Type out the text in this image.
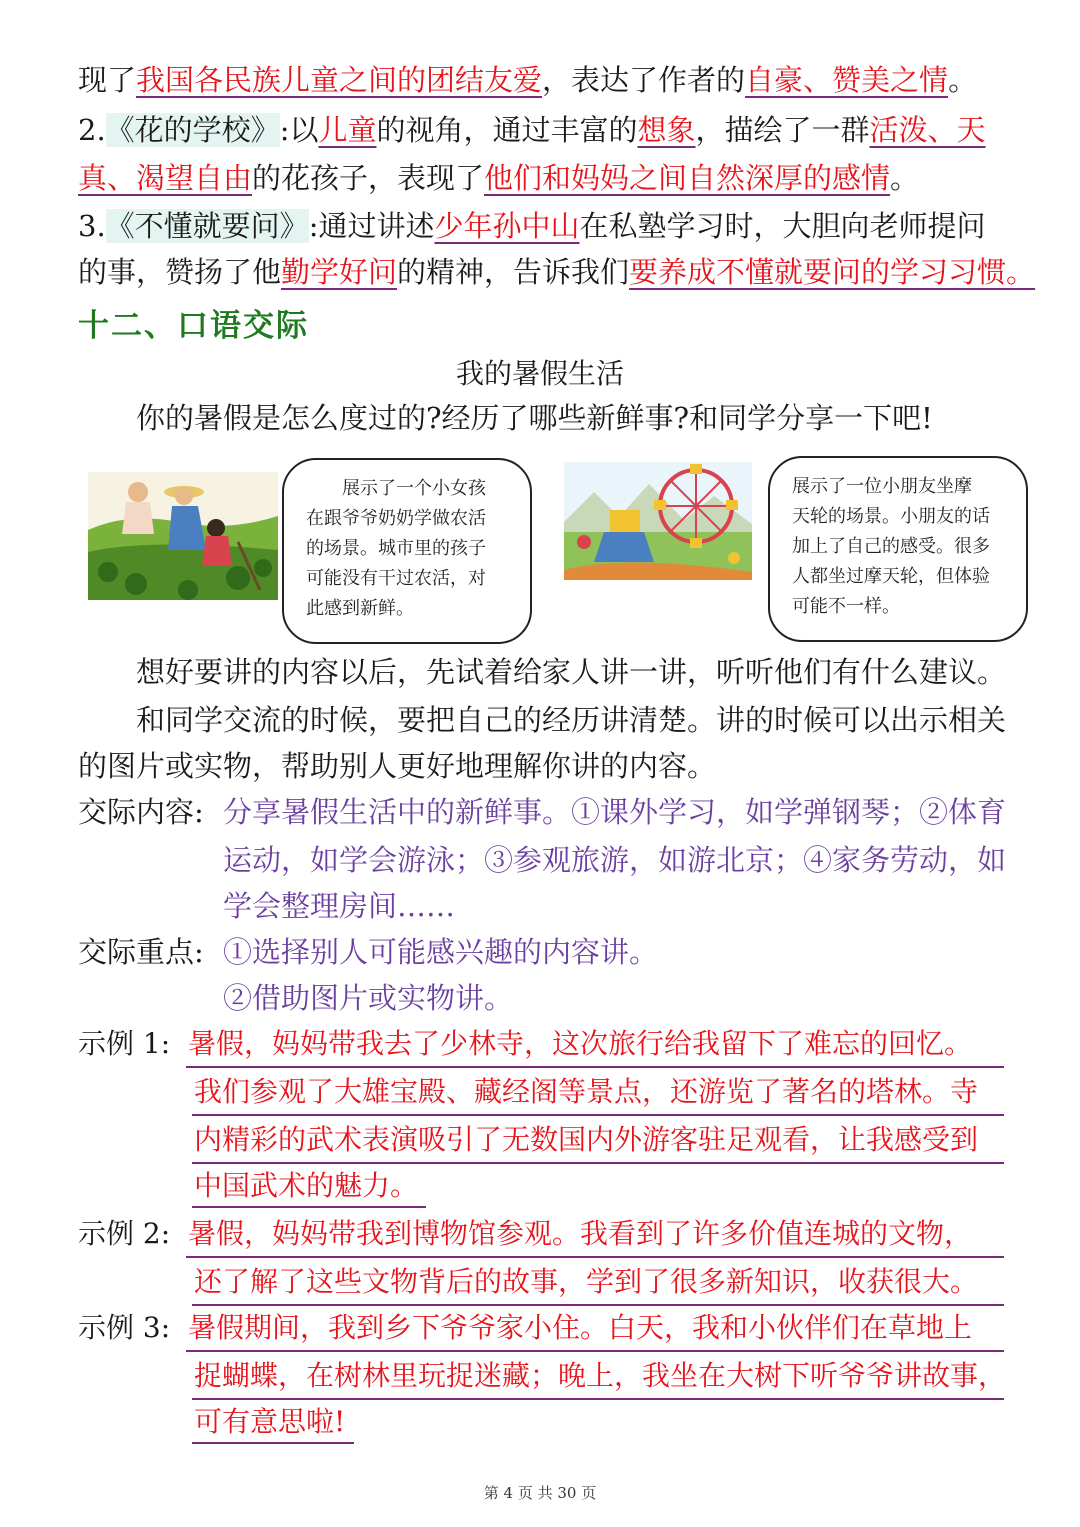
现了我国各民族儿童之间的团结友爱，表达了作者的自豪、赞美之情。
2.《花的学校》:以儿童的视角，通过丰富的想象，描绘了一群活泼、天
真、渴望自由的花孩子，表现了他们和妈妈之间自然深厚的感情。
3.《不懂就要问》:通过讲述少年孙中山在私塾学习时，大胆向老师提问
的事，赞扬了他勤学好问的精神，告诉我们要养成不懂就要问的学习习惯。
十二、口语交际
我的暑假生活
你的暑假是怎么度过的?经历了哪些新鲜事?和同学分享一下吧!
展示了一个小女孩
在跟爷爷奶奶学做农活
的场景。城市里的孩子
可能没有干过农活，对
此感到新鲜。
展示了一位小朋友坐摩
天轮的场景。小朋友的话
加上了自己的感受。很多
人都坐过摩天轮，但体验
可能不一样。
想好要讲的内容以后，先试着给家人讲一讲，听听他们有什么建议。
和同学交流的时候，要把自己的经历讲清楚。讲的时候可以出示相关
的图片或实物，帮助别人更好地理解你讲的内容。
交际内容: 分享暑假生活中的新鲜事。①课外学习，如学弹钢琴；②体育
运动，如学会游泳；③参观旅游，如游北京；④家务劳动，如
学会整理房间……
交际重点: ①选择别人可能感兴趣的内容讲。
②借助图片或实物讲。
示例 1: 暑假，妈妈带我去了少林寺，这次旅行给我留下了难忘的回忆。
我们参观了大雄宝殿、藏经阁等景点，还游览了著名的塔林。寺
内精彩的武术表演吸引了无数国内外游客驻足观看，让我感受到
中国武术的魅力。
示例 2: 暑假，妈妈带我到博物馆参观。我看到了许多价值连城的文物，
还了解了这些文物背后的故事，学到了很多新知识，收获很大。
示例 3: 暑假期间，我到乡下爷爷家小住。白天，我和小伙伴们在草地上
捉蝴蝶，在树林里玩捉迷藏；晚上，我坐在大树下听爷爷讲故事，
可有意思啦!
第 4 页 共 30 页
